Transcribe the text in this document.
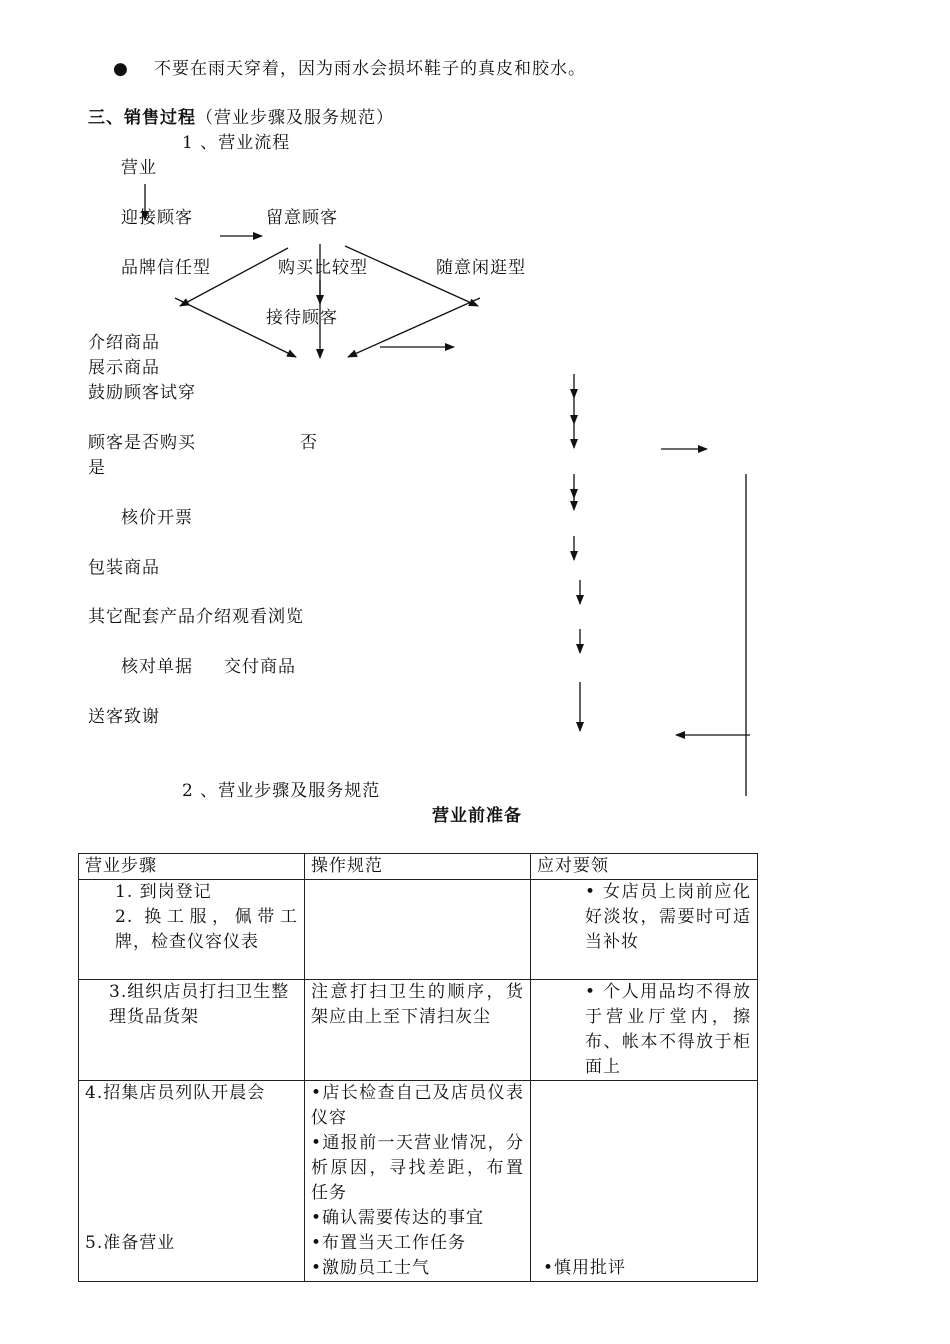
● 不要在雨天穿着，因为雨水会损坏鞋子的真皮和胶水。
三、销售过程（营业步骤及服务规范）
1 、营业流程
营业
迎接顾客	留意顾客
品牌信任型	购买比较型	随意闲逛型
接待顾客
介绍商品
展示商品
鼓励顾客试穿
顾客是否购买	否
是
核价开票
包装商品
其它配套产品介绍观看浏览
核对单据 交付商品
送客致谢
2 、营业步骤及服务规范
营业前准备
营业步骤	操作规范	应对要领

1. 到岗登记
2. 换工服，佩带工牌，检查仪容仪表		• 女店员上岗前应化好淡妆，需要时可适当补妆

3.组织店员打扫卫生整理货品货架	注意打扫卫生的顺序，货架应由上至下清扫灰尘	• 个人用品均不得放于营业厅堂内，擦布、帐本不得放于柜面上

4.招集店员列队开晨会
5.准备营业	•店长检查自己及店员仪表仪容
•通报前一天营业情况，分析原因，寻找差距，布置任务
•确认需要传达的事宜
•布置当天工作任务
•激励员工士气	•慎用批评
